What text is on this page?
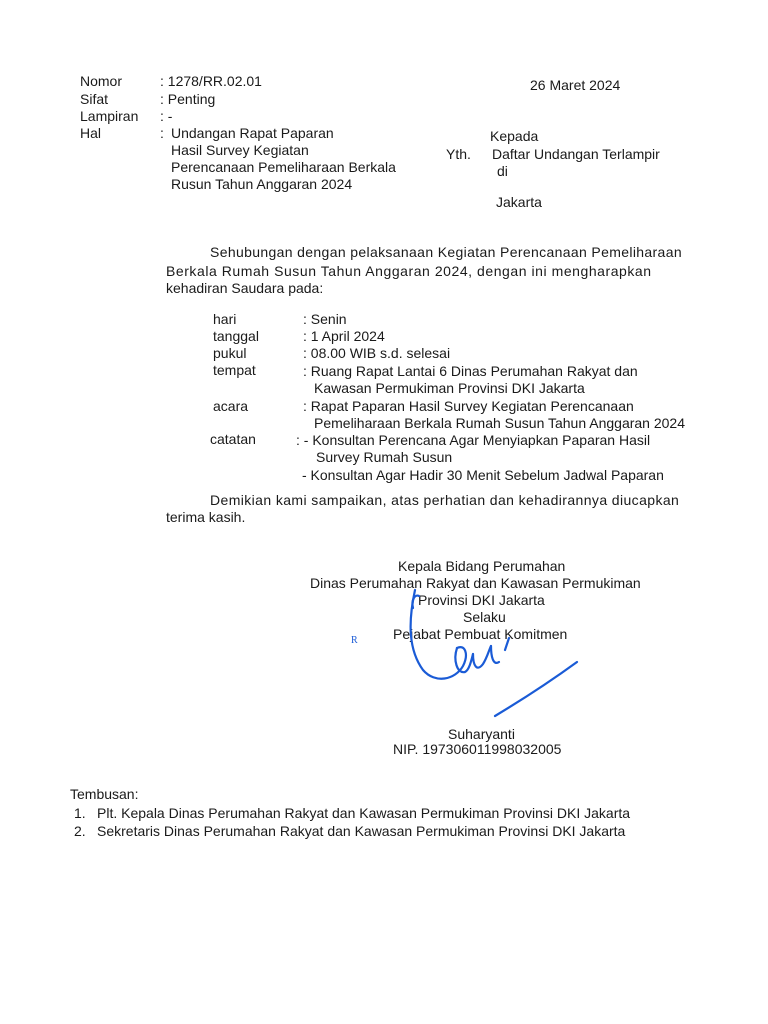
Nomor	: 1278/RR.02.01
Sifat	: Penting
Lampiran : -
Hal	: Undangan Rapat Paparan
Hasil Survey Kegiatan
Perencanaan Pemeliharaan Berkala
Rusun Tahun Anggaran 2024
26 Maret 2024
Kepada
Yth. Daftar Undangan Terlampir
di
Jakarta
Sehubungan dengan pelaksanaan Kegiatan Perencanaan Pemeliharaan
Berkala Rumah Susun Tahun Anggaran 2024, dengan ini mengharapkan
kehadiran Saudara pada:
hari	: Senin
tanggal	: 1 April 2024
pukul	: 08.00 WIB s.d. selesai
tempat	: Ruang Rapat Lantai 6 Dinas Perumahan Rakyat dan
Kawasan Permukiman Provinsi DKI Jakarta
acara	: Rapat Paparan Hasil Survey Kegiatan Perencanaan
Pemeliharaan Berkala Rumah Susun Tahun Anggaran 2024
catatan	: - Konsultan Perencana Agar Menyiapkan Paparan Hasil
Survey Rumah Susun
- Konsultan Agar Hadir 30 Menit Sebelum Jadwal Paparan
Demikian kami sampaikan, atas perhatian dan kehadirannya diucapkan
terima kasih.
Kepala Bidang Perumahan
Dinas Perumahan Rakyat dan Kawasan Permukiman
Provinsi DKI Jakarta
Selaku
Pejabat Pembuat Komitmen
R
Suharyanti
NIP. 197306011998032005
Tembusan:
1. Plt. Kepala Dinas Perumahan Rakyat dan Kawasan Permukiman Provinsi DKI Jakarta
2. Sekretaris Dinas Perumahan Rakyat dan Kawasan Permukiman Provinsi DKI Jakarta
